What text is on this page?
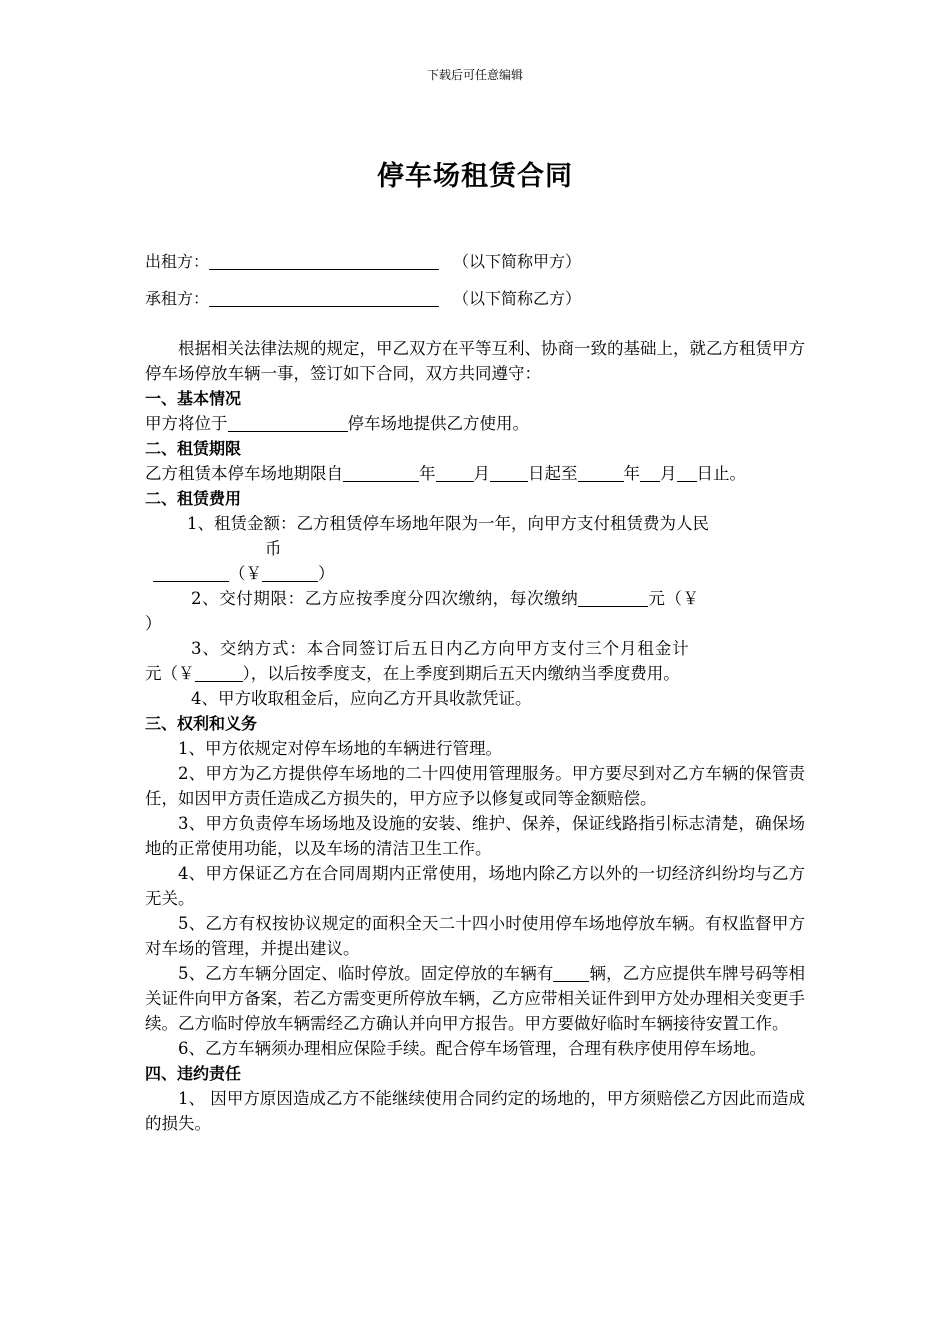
下载后可任意编辑
停车场租赁合同
出租方：	（以下简称甲方）
承租方：	（以下简称乙方）

根据相关法律法规的规定，甲乙双方在平等互利、协商一致的基础上，就乙方租赁甲方停车场停放车辆一事，签订如下合同，双方共同遵守：

一、基本情况

甲方将位于	停车场地提供乙方使用。

二、租赁期限

乙方租赁本停车场地期限自	年 月 日起至	年 月 日止。

二、租赁费用

1、租赁金额：乙方租赁停车场地年限为一年，向甲方支付租赁费为人民

币

（￥	）

2、交付期限：乙方应按季度分四次缴纳，每次缴纳	元（￥

）

3、交纳方式：本合同签订后五日内乙方向甲方支付三个月租金计

元（￥	），以后按季度支，在上季度到期后五天内缴纳当季度费用。

4、甲方收取租金后，应向乙方开具收款凭证。

三、权利和义务

1、甲方依规定对停车场地的车辆进行管理。

2、甲方为乙方提供停车场地的二十四使用管理服务。甲方要尽到对乙方车辆的保管责任，如因甲方责任造成乙方损失的，甲方应予以修复或同等金额赔偿。

3、甲方负责停车场场地及设施的安装、维护、保养，保证线路指引标志清楚，确保场地的正常使用功能，以及车场的清洁卫生工作。

4、甲方保证乙方在合同周期内正常使用，场地内除乙方以外的一切经济纠纷均与乙方无关。

5、乙方有权按协议规定的面积全天二十四小时使用停车场地停放车辆。有权监督甲方对车场的管理，并提出建议。

5、乙方车辆分固定、临时停放。固定停放的车辆有 辆，乙方应提供车牌号码等相关证件向甲方备案，若乙方需变更所停放车辆，乙方应带相关证件到甲方处办理相关变更手续。乙方临时停放车辆需经乙方确认并向甲方报告。甲方要做好临时车辆接待安置工作。

6、乙方车辆须办理相应保险手续。配合停车场管理，合理有秩序使用停车场地。

四、违约责任

1、 因甲方原因造成乙方不能继续使用合同约定的场地的，甲方须赔偿乙方因此而造成的损失。
